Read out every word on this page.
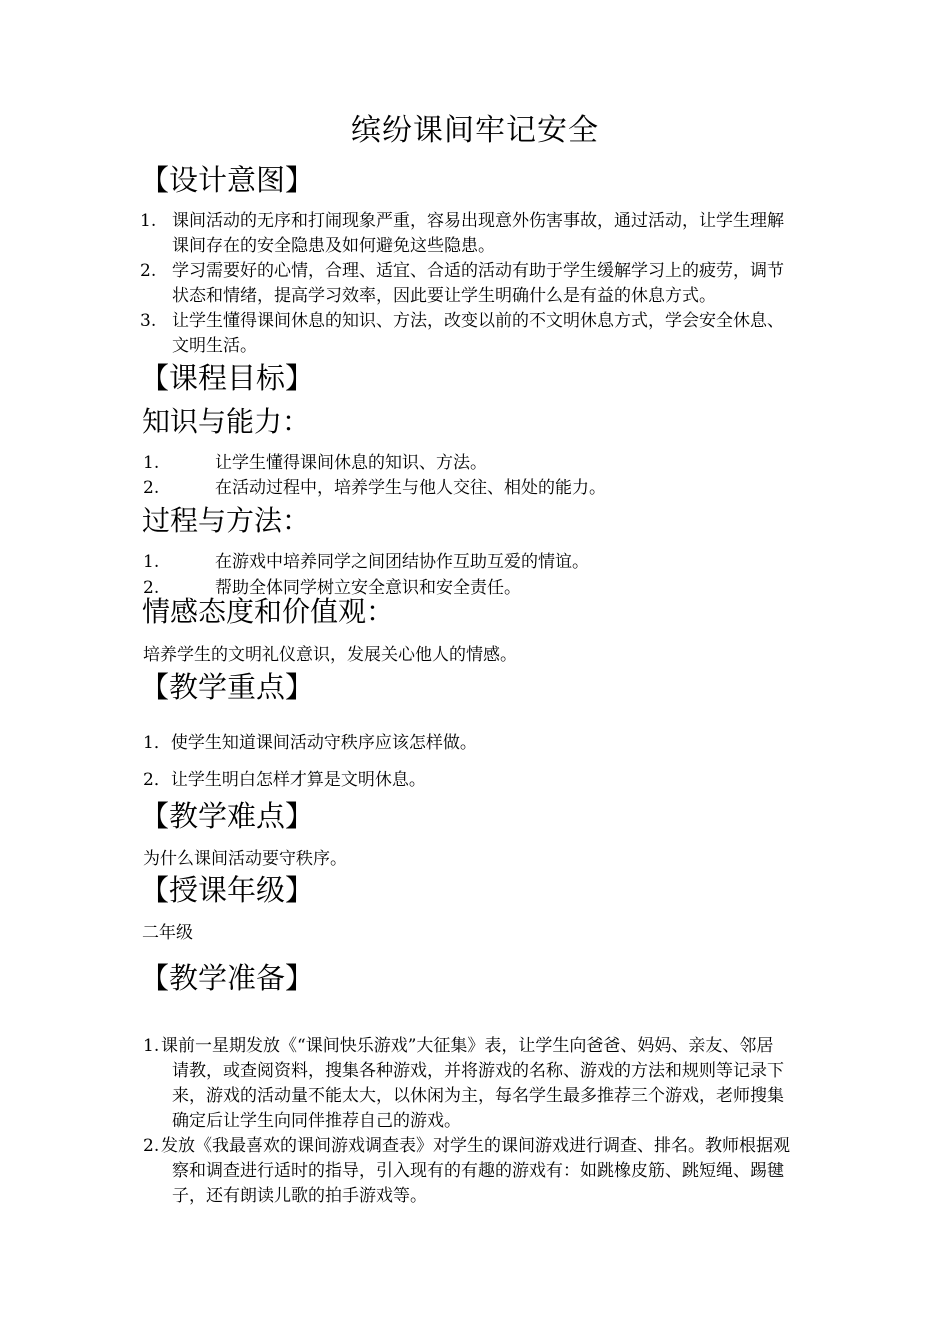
缤纷课间牢记安全
【设计意图】
1. 课间活动的无序和打闹现象严重，容易出现意外伤害事故，通过活动，让学生理解
课间存在的安全隐患及如何避免这些隐患。
2. 学习需要好的心情，合理、适宜、合适的活动有助于学生缓解学习上的疲劳，调节
状态和情绪，提高学习效率，因此要让学生明确什么是有益的休息方式。
3. 让学生懂得课间休息的知识、方法，改变以前的不文明休息方式，学会安全休息、
文明生活。
【课程目标】
知识与能力：
1.	让学生懂得课间休息的知识、方法。
2.	在活动过程中，培养学生与他人交往、相处的能力。
过程与方法：
1.	在游戏中培养同学之间团结协作互助互爱的情谊。
2.	帮助全体同学树立安全意识和安全责任。
情感态度和价值观：
培养学生的文明礼仪意识，发展关心他人的情感。
【教学重点】
1．使学生知道课间活动守秩序应该怎样做。
2．让学生明白怎样才算是文明休息。
【教学难点】
为什么课间活动要守秩序。
【授课年级】
二年级
【教学准备】
1. 课前一星期发放《“课间快乐游戏”大征集》表，让学生向爸爸、妈妈、亲友、邻居
请教，或查阅资料，搜集各种游戏，并将游戏的名称、游戏的方法和规则等记录下
来，游戏的活动量不能太大，以休闲为主，每名学生最多推荐三个游戏，老师搜集
确定后让学生向同伴推荐自己的游戏。
2. 发放《我最喜欢的课间游戏调查表》对学生的课间游戏进行调查、排名。教师根据观
察和调查进行适时的指导，引入现有的有趣的游戏有：如跳橡皮筋、跳短绳、踢毽
子，还有朗读儿歌的拍手游戏等。
